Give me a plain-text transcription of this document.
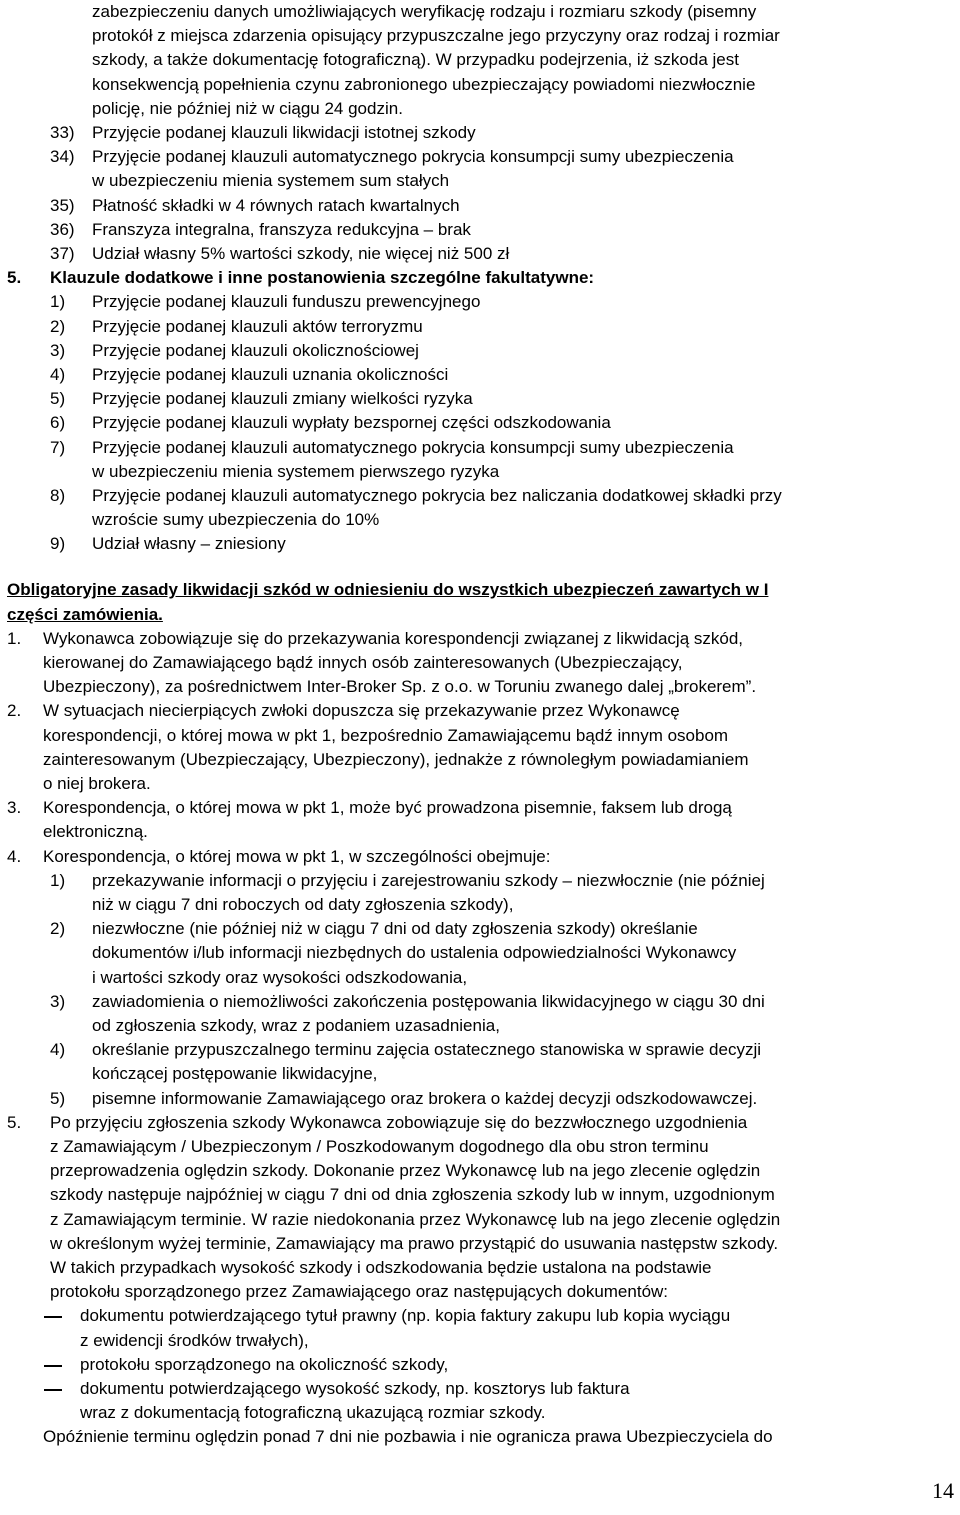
zabezpieczeniu danych umożliwiających weryfikację rodzaju i rozmiaru szkody (pisemny
protokół z miejsca zdarzenia opisujący przypuszczalne jego przyczyny oraz rodzaj i rozmiar
szkody, a także dokumentację fotograficzną). W przypadku podejrzenia, iż szkoda jest
konsekwencją popełnienia czynu zabronionego ubezpieczający powiadomi niezwłocznie
policję, nie później niż w ciągu 24 godzin.
33) Przyjęcie podanej klauzuli likwidacji istotnej szkody
34) Przyjęcie podanej klauzuli automatycznego pokrycia konsumpcji sumy ubezpieczenia
w ubezpieczeniu mienia systemem sum stałych
35) Płatność składki w 4 równych ratach kwartalnych
36) Franszyza integralna, franszyza redukcyjna – brak
37) Udział własny 5% wartości szkody, nie więcej niż 500 zł
5. Klauzule dodatkowe i inne postanowienia szczególne fakultatywne:
1) Przyjęcie podanej klauzuli funduszu prewencyjnego
2) Przyjęcie podanej klauzuli aktów terroryzmu
3) Przyjęcie podanej klauzuli okolicznościowej
4) Przyjęcie podanej klauzuli uznania okoliczności
5) Przyjęcie podanej klauzuli zmiany wielkości ryzyka
6) Przyjęcie podanej klauzuli wypłaty bezspornej części odszkodowania
7) Przyjęcie podanej klauzuli automatycznego pokrycia konsumpcji sumy ubezpieczenia
w ubezpieczeniu mienia systemem pierwszego ryzyka
8) Przyjęcie podanej klauzuli automatycznego pokrycia bez naliczania dodatkowej składki przy
wzroście sumy ubezpieczenia do 10%
9) Udział własny – zniesiony
Obligatoryjne zasady likwidacji szkód w odniesieniu do wszystkich ubezpieczeń zawartych w I
części zamówienia.
1. Wykonawca zobowiązuje się do przekazywania korespondencji związanej z likwidacją szkód,
kierowanej do Zamawiającego bądź innych osób zainteresowanych (Ubezpieczający,
Ubezpieczony), za pośrednictwem Inter-Broker Sp. z o.o. w Toruniu zwanego dalej „brokerem”.
2. W sytuacjach niecierpiących zwłoki dopuszcza się przekazywanie przez Wykonawcę
korespondencji, o której mowa w pkt 1, bezpośrednio Zamawiającemu bądź innym osobom
zainteresowanym (Ubezpieczający, Ubezpieczony), jednakże z równoległym powiadamianiem
o niej brokera.
3. Korespondencja, o której mowa w pkt 1, może być prowadzona pisemnie, faksem lub drogą
elektroniczną.
4. Korespondencja, o której mowa w pkt 1, w szczególności obejmuje:
1) przekazywanie informacji o przyjęciu i zarejestrowaniu szkody – niezwłocznie (nie później
niż w ciągu 7 dni roboczych od daty zgłoszenia szkody),
2) niezwłoczne (nie później niż w ciągu 7 dni od daty zgłoszenia szkody) określanie
dokumentów i/lub informacji niezbędnych do ustalenia odpowiedzialności Wykonawcy
i wartości szkody oraz wysokości odszkodowania,
3) zawiadomienia o niemożliwości zakończenia postępowania likwidacyjnego w ciągu 30 dni
od zgłoszenia szkody, wraz z podaniem uzasadnienia,
4) określanie przypuszczalnego terminu zajęcia ostatecznego stanowiska w sprawie decyzji
kończącej postępowanie likwidacyjne,
5) pisemne informowanie Zamawiającego oraz brokera o każdej decyzji odszkodowawczej.
5. Po przyjęciu zgłoszenia szkody Wykonawca zobowiązuje się do bezzwłocznego uzgodnienia
z Zamawiającym / Ubezpieczonym / Poszkodowanym dogodnego dla obu stron terminu
przeprowadzenia oględzin szkody. Dokonanie przez Wykonawcę lub na jego zlecenie oględzin
szkody następuje najpóźniej w ciągu 7 dni od dnia zgłoszenia szkody lub w innym, uzgodnionym
z Zamawiającym terminie. W razie niedokonania przez Wykonawcę lub na jego zlecenie oględzin
w określonym wyżej terminie, Zamawiający ma prawo przystąpić do usuwania następstw szkody.
W takich przypadkach wysokość szkody i odszkodowania będzie ustalona na podstawie
protokołu sporządzonego przez Zamawiającego oraz następujących dokumentów:
dokumentu potwierdzającego tytuł prawny (np. kopia faktury zakupu lub kopia wyciągu
z ewidencji środków trwałych),
protokołu sporządzonego na okoliczność szkody,
dokumentu potwierdzającego wysokość szkody, np. kosztorys lub faktura
wraz z dokumentacją fotograficzną ukazującą rozmiar szkody.
Opóźnienie terminu oględzin ponad 7 dni nie pozbawia i nie ogranicza prawa Ubezpieczyciela do
14
